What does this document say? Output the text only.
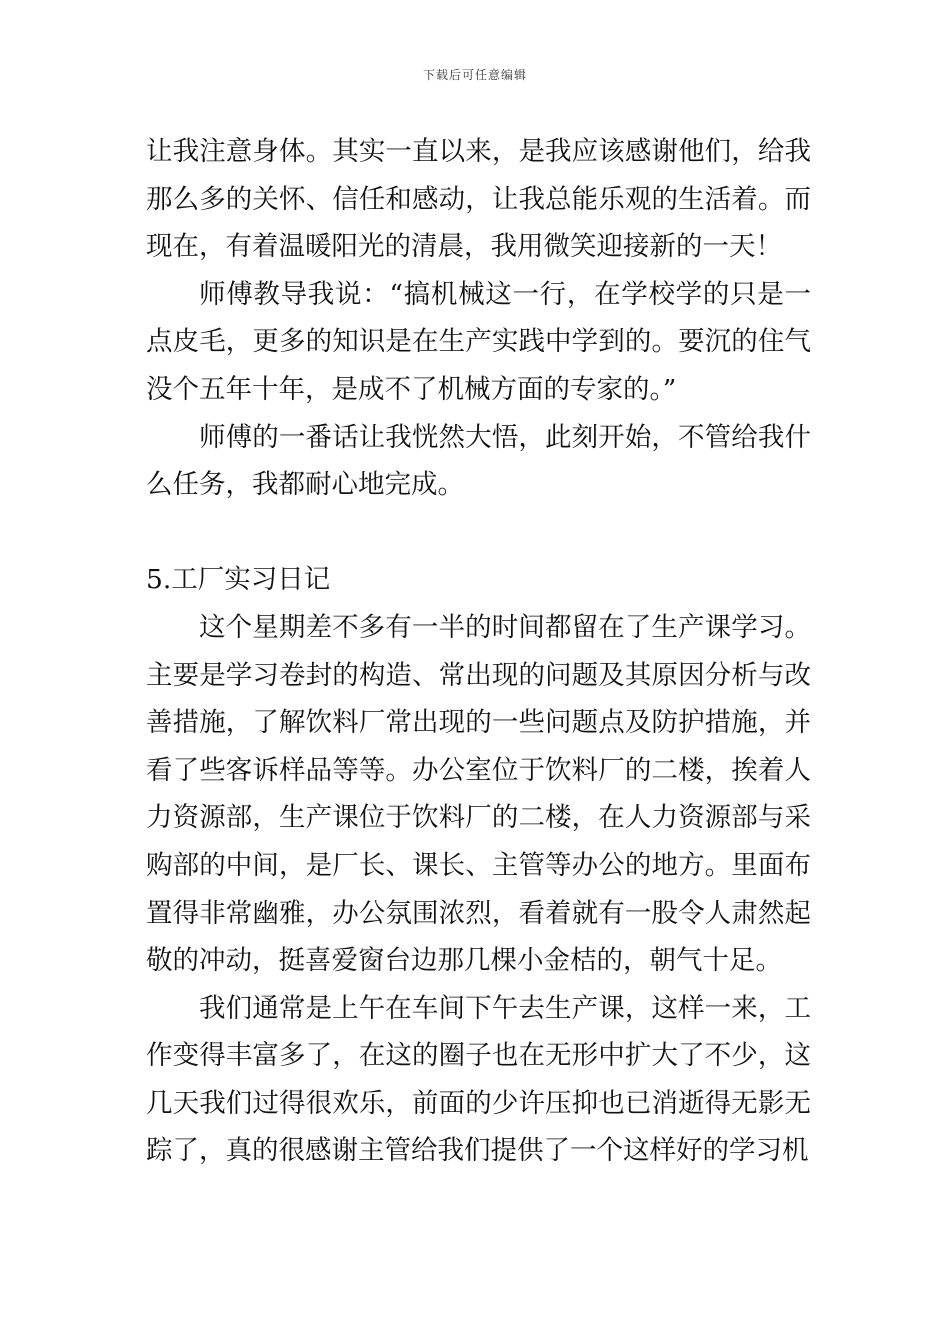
下载后可任意编辑

让我注意身体。其实一直以来，是我应该感谢他们，给我那么多的关怀、信任和感动，让我总能乐观的生活着。而现在，有着温暖阳光的清晨，我用微笑迎接新的一天！

师傅教导我说：“搞机械这一行，在学校学的只是一点皮毛，更多的知识是在生产实践中学到的。要沉的住气没个五年十年，是成不了机械方面的专家的。”

师傅的一番话让我恍然大悟，此刻开始，不管给我什么任务，我都耐心地完成。

5.工厂实习日记

这个星期差不多有一半的时间都留在了生产课学习。主要是学习卷封的构造、常出现的问题及其原因分析与改善措施，了解饮料厂常出现的一些问题点及防护措施，并看了些客诉样品等等。办公室位于饮料厂的二楼，挨着人力资源部，生产课位于饮料厂的二楼，在人力资源部与采购部的中间，是厂长、课长、主管等办公的地方。里面布置得非常幽雅，办公氛围浓烈，看着就有一股令人肃然起敬的冲动，挺喜爱窗台边那几棵小金桔的，朝气十足。

我们通常是上午在车间下午去生产课，这样一来，工作变得丰富多了，在这的圈子也在无形中扩大了不少，这几天我们过得很欢乐，前面的少许压抑也已消逝得无影无踪了，真的很感谢主管给我们提供了一个这样好的学习机
